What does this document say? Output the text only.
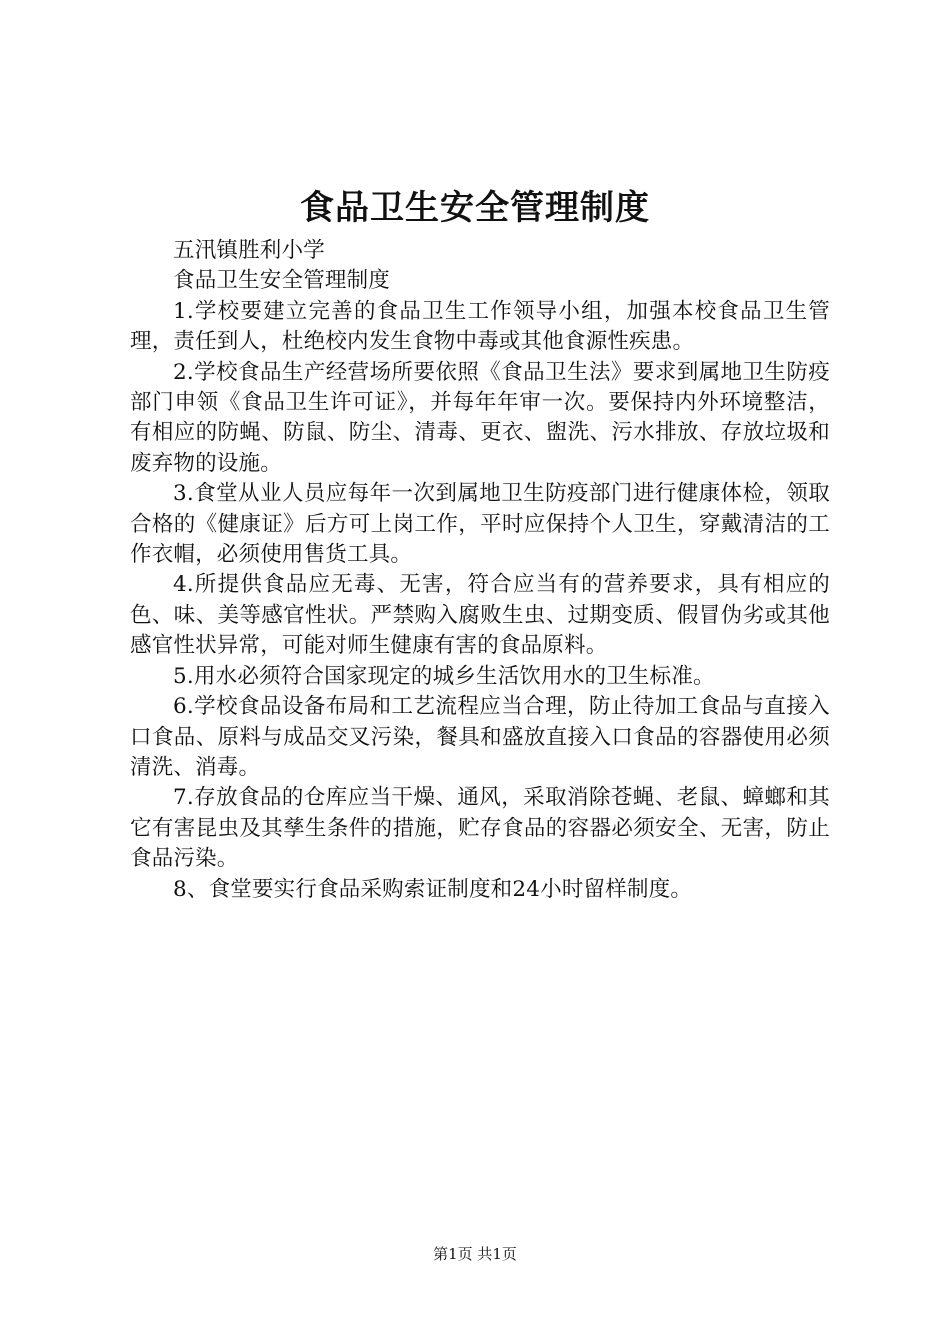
食品卫生安全管理制度

五汛镇胜利小学

食品卫生安全管理制度

1.学校要建立完善的食品卫生工作领导小组，加强本校食品卫生管理，责任到人，杜绝校内发生食物中毒或其他食源性疾患。

2.学校食品生产经营场所要依照《食品卫生法》要求到属地卫生防疫部门申领《食品卫生许可证》，并每年年审一次。要保持内外环境整洁，有相应的防蝇、防鼠、防尘、清毒、更衣、盥洗、污水排放、存放垃圾和废弃物的设施。

3.食堂从业人员应每年一次到属地卫生防疫部门进行健康体检，领取合格的《健康证》后方可上岗工作，平时应保持个人卫生，穿戴清洁的工作衣帽，必须使用售货工具。

4.所提供食品应无毒、无害，符合应当有的营养要求，具有相应的色、味、美等感官性状。严禁购入腐败生虫、过期变质、假冒伪劣或其他感官性状异常，可能对师生健康有害的食品原料。

5.用水必须符合国家现定的城乡生活饮用水的卫生标准。

6.学校食品设备布局和工艺流程应当合理，防止待加工食品与直接入口食品、原料与成品交叉污染，餐具和盛放直接入口食品的容器使用必须清洗、消毒。

7.存放食品的仓库应当干燥、通风，采取消除苍蝇、老鼠、蟑螂和其它有害昆虫及其孳生条件的措施，贮存食品的容器必须安全、无害，防止食品污染。

8、食堂要实行食品采购索证制度和24小时留样制度。

第1页 共1页
